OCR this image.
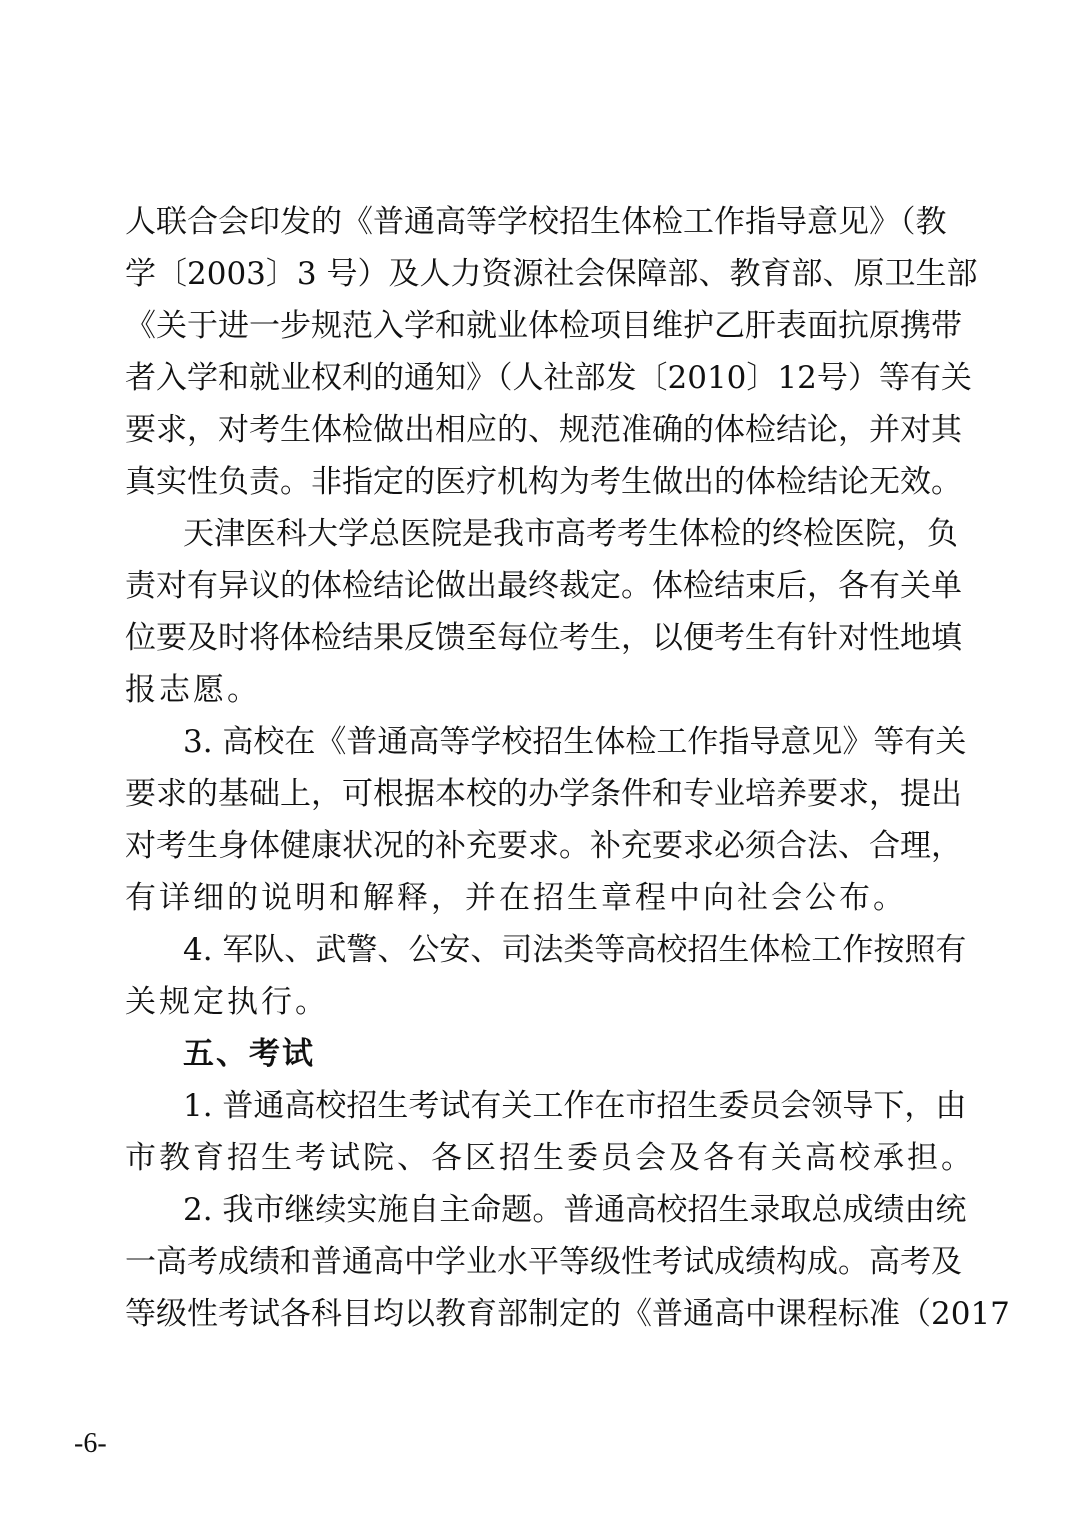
人联合会印发的《普通高等学校招生体检工作指导意见》（教
学〔2003〕3 号）及人力资源社会保障部、教育部、原卫生部
《关于进一步规范入学和就业体检项目维护乙肝表面抗原携带
者入学和就业权利的通知》（人社部发〔2010〕12号）等有关
要求，对考生体检做出相应的、规范准确的体检结论，并对其
真实性负责。非指定的医疗机构为考生做出的体检结论无效。
天津医科大学总医院是我市高考考生体检的终检医院，负
责对有异议的体检结论做出最终裁定。体检结束后，各有关单
位要及时将体检结果反馈至每位考生，以便考生有针对性地填
报志愿。
3. 高校在《普通高等学校招生体检工作指导意见》等有关
要求的基础上，可根据本校的办学条件和专业培养要求，提出
对考生身体健康状况的补充要求。补充要求必须合法、合理，
有详细的说明和解释，并在招生章程中向社会公布。
4. 军队、武警、公安、司法类等高校招生体检工作按照有
关规定执行。
五、考试
1. 普通高校招生考试有关工作在市招生委员会领导下，由
市教育招生考试院、各区招生委员会及各有关高校承担。
2. 我市继续实施自主命题。普通高校招生录取总成绩由统
一高考成绩和普通高中学业水平等级性考试成绩构成。高考及
等级性考试各科目均以教育部制定的《普通高中课程标准（2017
-6-
